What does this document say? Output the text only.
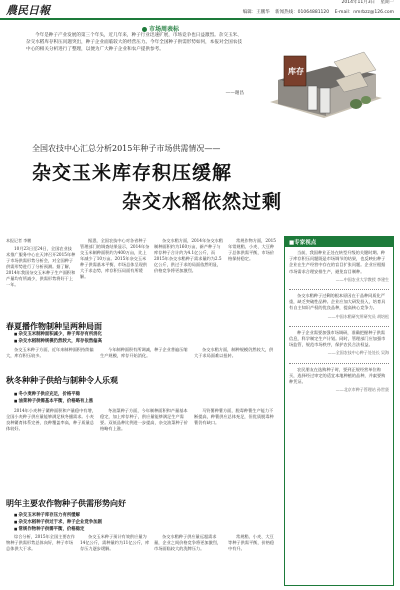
農民日報
2014年11月3日 星期一
编辑：王鹏华 新闻热线：01064881120 E-mail：nmrbzz@126.com
市场周表标

今年是种子产业发展的第三个年头，近几年来，种子行业迅速扩展，市场竞争也日益激烈。杂交玉米、杂交水稻库存积压问题突出，种子企业面临较大的经营压力。今年全国种子供需形势如何，本报对全国农技中心的相关分析进行了整理，以便为广大种子企业和农户提供参考。

——谢昌
库存
全国农技中心汇总分析2015年种子市场供需情况——
杂交玉米库存积压缓解
杂交水稻依然过剩

本报记者 李鹏

10月23日至24日，全国农业技术推广服务中心在天津召开2015年种子市场供需形势分析会，对全国种子供需形势进行了分析预测。据了解，2014年我国杂交玉米种子生产面积和产量均有所减少，供需形势将好于上一年。

据悉，全国农技中心对各省种子管理部门的调查结果显示，2014年杂交玉米制种面积约为400万亩，比上年减少了10万亩。2015年杂交玉米种子供需基本平衡，市场总体呈现供大于求态势，库存积压局面有所缓解。

杂交水稻方面，2014年杂交水稻制种面积约为160万亩，新产种子与库存种子合计约为4.1亿公斤，而2015年杂交水稻种子需求量约为2.5亿公斤，供过于求的局面依然明显，价格竞争将更加激烈。

常规作物方面，2015年常规稻、小麦、大豆种子总体供需平衡，市场价格保持稳定。

春夏播作物制种呈两种局面
■ 杂交玉米制种面积减少，种子库存有所消化
■ 杂交水稻制种规模仍然较大，库存依然偏高

杂交玉米种子方面，近年来制种面积持续偏大，库存积压较多。

今年制种面积有所调减，种子企业普遍压缩生产规模，库存开始消化。

杂交水稻方面，制种规模仍然较大，供大于求局面难以扭转。

秋冬种种子供给与制种令人乐观
■ 冬小麦种子供应充足，价格平稳
■ 油菜种子供需基本平衡，价格略有上涨

2014年小麦种子繁种面积和产量稳中有增，全国小麦种子供应量能够满足秋冬播需求。小麦良种繁育体系完善，良种覆盖率高，种子质量总体较好。

冬油菜种子方面，今年制种面积和产量基本稳定，加上库存种子，供应量能够满足生产需要。双低品种比例进一步提高，杂交油菜种子价格略有上涨。

马铃薯种薯方面，脱毒种薯生产能力不断提高，种薯供应总体充足，但优质脱毒种薯仍有缺口。

明年主要农作物种子供需形势向好
■ 杂交玉米种子库存压力有所缓解
■ 杂交水稻种子供过于求，种子企业竞争加剧
■ 常规作物种子供需平衡，价格稳定

综合分析，2015年全国主要农作物种子供需形势总体向好，种子市场总体供大于求。

杂交玉米种子预计有效供应量为14亿公斤，需种量约为11亿公斤，库存压力逐步缓解。

杂交水稻种子供应量远超需求量，企业之间价格竞争将更加激烈，市场面临较大的洗牌压力。

常规稻、小麦、大豆等种子供需平衡，价格稳中有升。

■专家视点

当前，我国种业正处在转型升级的关键时期。种子库存积压问题既是市场调节的结果，也反映出种子企业在生产经营中存在的盲目扩张问题。企业应根据市场需求合理安排生产，避免盲目制种。

——中国农业大学教授 李建生

杂交水稻种子过剩的根本原因在于品种同质化严重，缺乏突破性品种。企业应加大研发投入，培育具有自主知识产权的优良品种，提高核心竞争力。

——中国水稻研究所研究员 胡培松

种子企业需要加强市场调研，准确把握种子供需信息，科学制定生产计划。同时，管理部门应加强市场监管，规范市场秩序，保护农民合法权益。

——全国农技中心种子处处长 吴海

农民朋友在选购种子时，要到正规经营单位购买，选择经过审定的适宜本地种植的品种，并索要购种凭证。

——北京市种子管理站 孙世贤
